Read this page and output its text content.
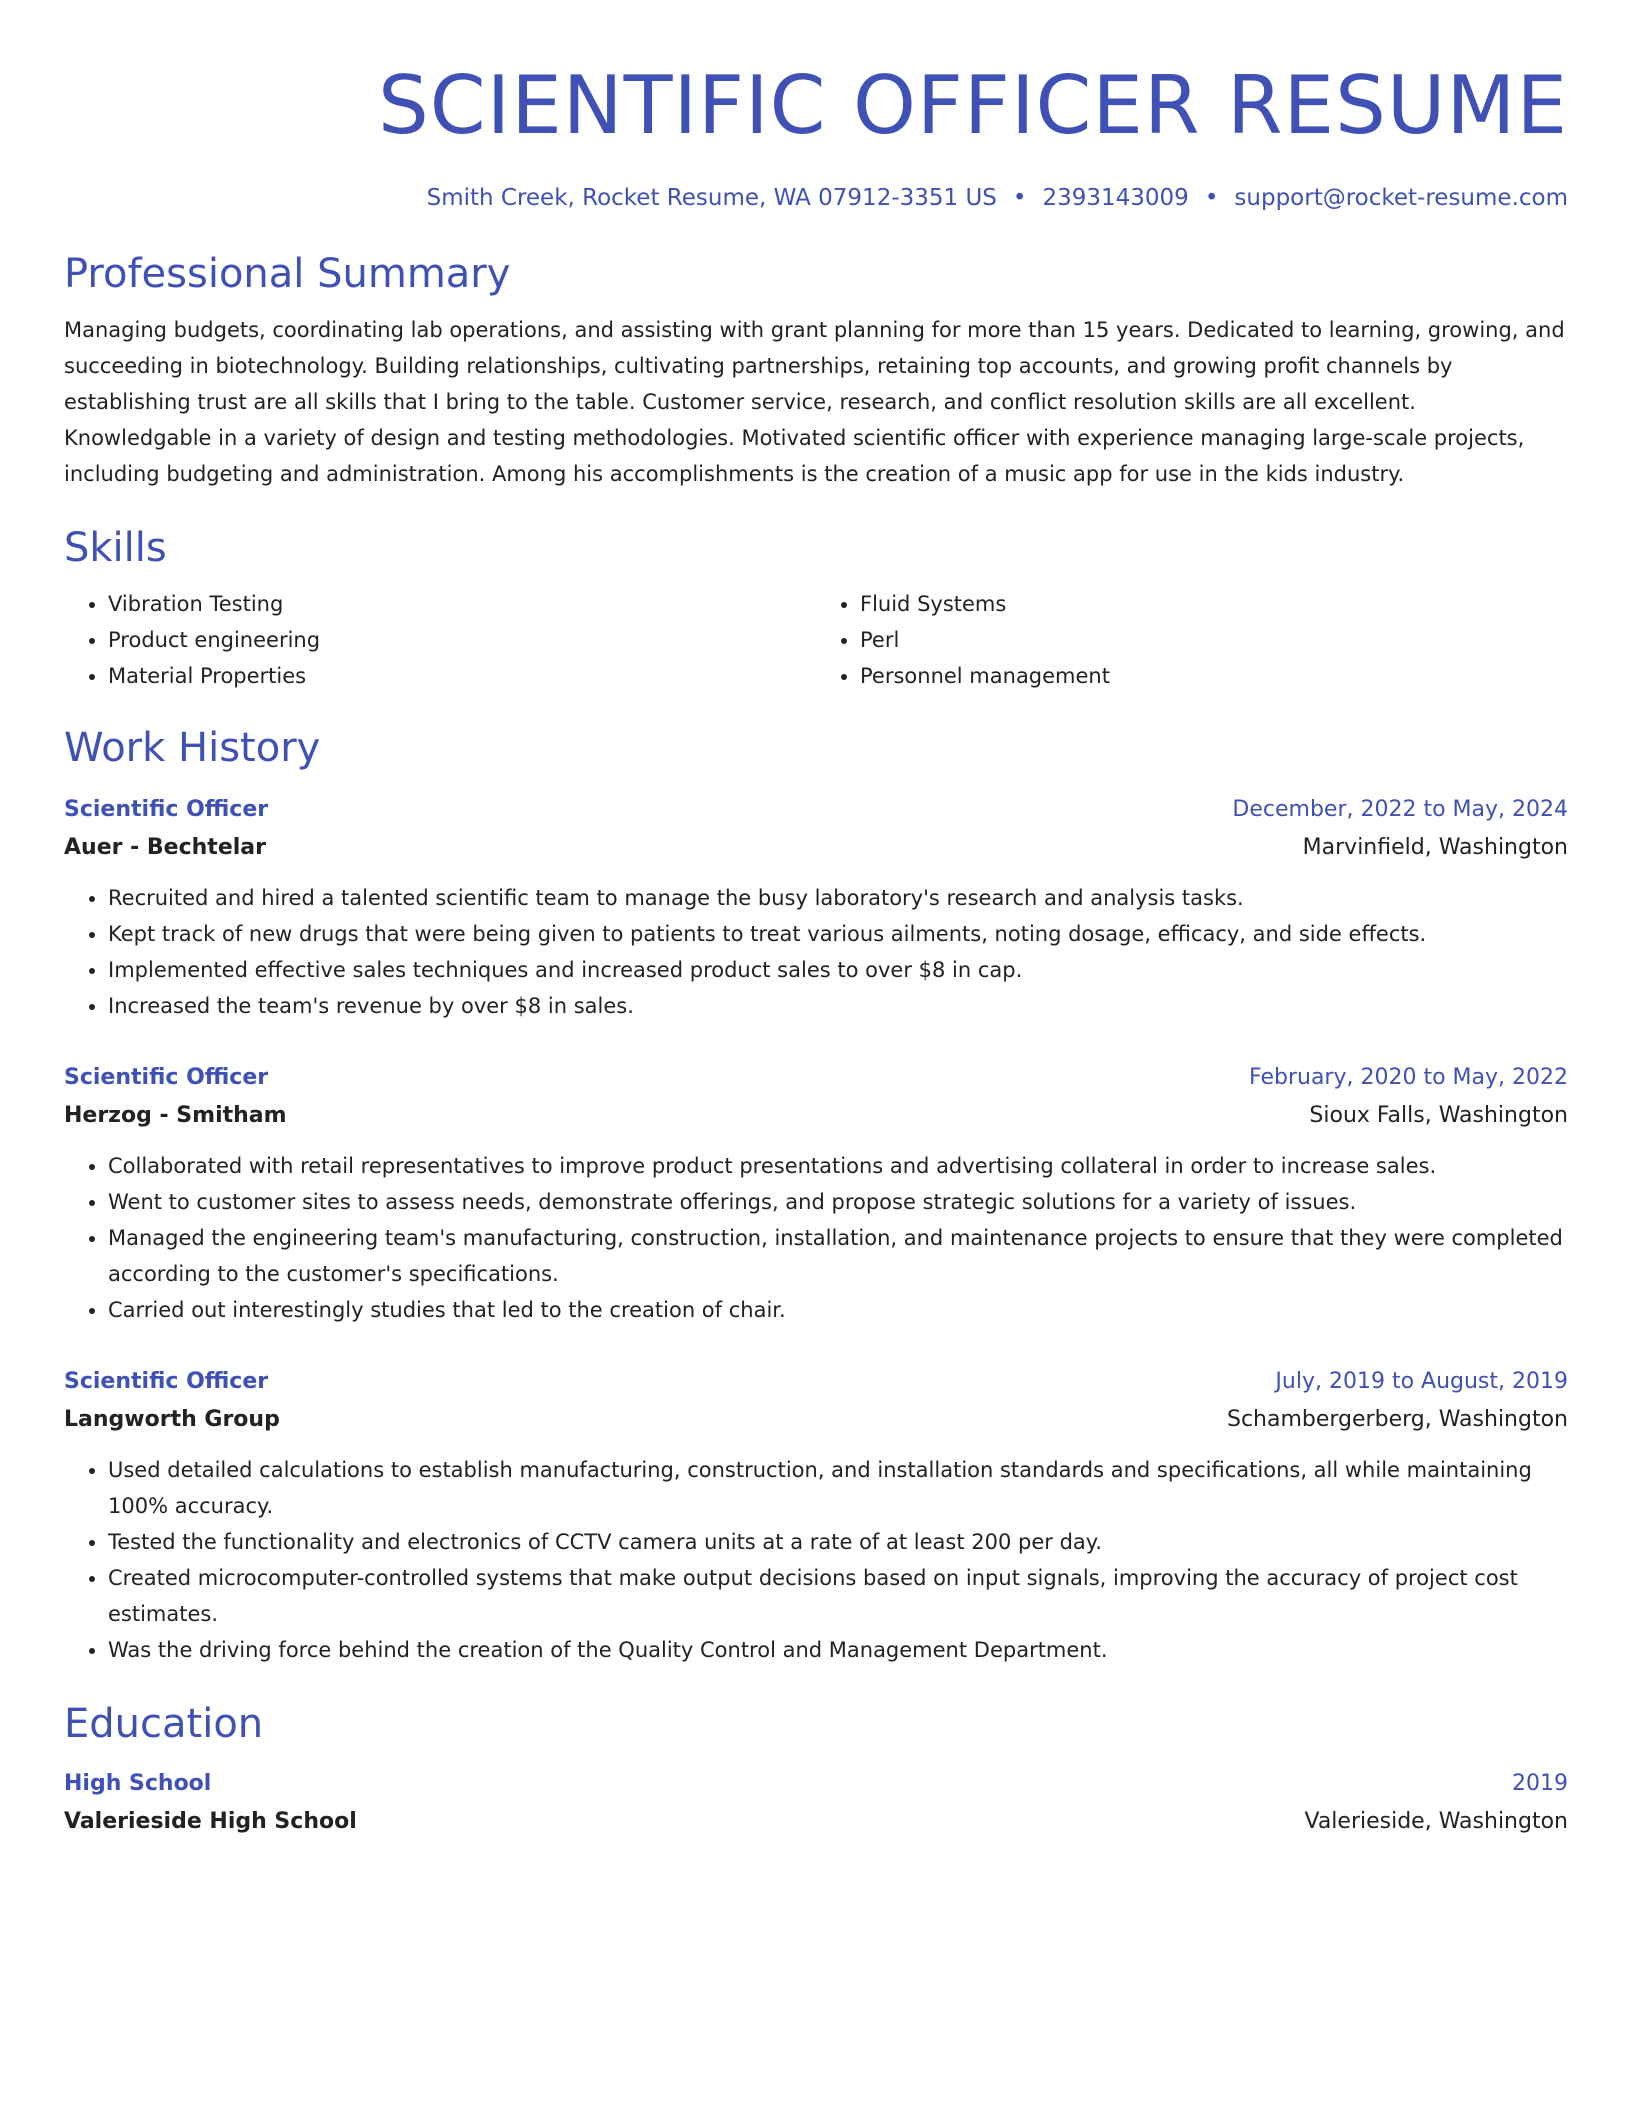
SCIENTIFIC OFFICER RESUME
Smith Creek, Rocket Resume, WA 07912-3351 US • 2393143009 • support@rocket-resume.com
Professional Summary

Managing budgets, coordinating lab operations, and assisting with grant planning for more than 15 years. Dedicated to learning, growing, and succeeding in biotechnology. Building relationships, cultivating partnerships, retaining top accounts, and growing profit channels by establishing trust are all skills that I bring to the table. Customer service, research, and conflict resolution skills are all excellent. Knowledgable in a variety of design and testing methodologies. Motivated scientific officer with experience managing large-scale projects, including budgeting and administration. Among his accomplishments is the creation of a music app for use in the kids industry.

Skills
• Vibration Testing
• Product engineering
• Material Properties
• Fluid Systems
• Perl
• Personnel management
Work History
Scientific Officer	December, 2022 to May, 2024
Auer - Bechtelar	Marvinfield, Washington
• Recruited and hired a talented scientific team to manage the busy laboratory's research and analysis tasks.
• Kept track of new drugs that were being given to patients to treat various ailments, noting dosage, efficacy, and side effects.
• Implemented effective sales techniques and increased product sales to over $8 in cap.
• Increased the team's revenue by over $8 in sales.
Scientific Officer	February, 2020 to May, 2022
Herzog - Smitham	Sioux Falls, Washington
• Collaborated with retail representatives to improve product presentations and advertising collateral in order to increase sales.
• Went to customer sites to assess needs, demonstrate offerings, and propose strategic solutions for a variety of issues.
• Managed the engineering team's manufacturing, construction, installation, and maintenance projects to ensure that they were completed according to the customer's specifications.
• Carried out interestingly studies that led to the creation of chair.
Scientific Officer	July, 2019 to August, 2019
Langworth Group	Schambergerberg, Washington
• Used detailed calculations to establish manufacturing, construction, and installation standards and specifications, all while maintaining 100% accuracy.
• Tested the functionality and electronics of CCTV camera units at a rate of at least 200 per day.
• Created microcomputer-controlled systems that make output decisions based on input signals, improving the accuracy of project cost estimates.
• Was the driving force behind the creation of the Quality Control and Management Department.
Education
High School	2019
Valerieside High School	Valerieside, Washington
